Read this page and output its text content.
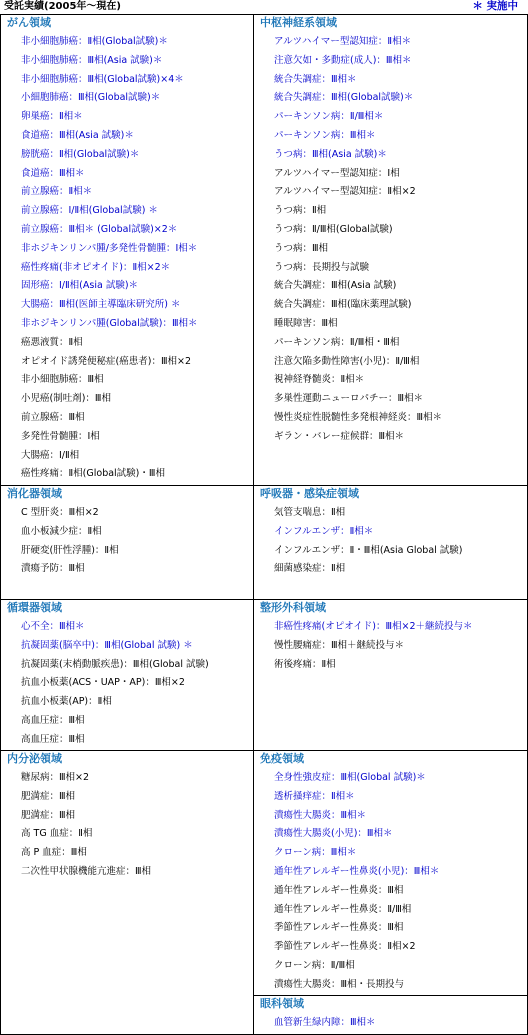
受託実績(2005年～現在)	＊ 実施中
がん領域
非小細胞肺癌：Ⅱ相(Global試験)＊
非小細胞肺癌：Ⅲ相(Asia 試験)＊
非小細胞肺癌：Ⅲ相(Global試験)×4＊
小細胞肺癌：Ⅲ相(Global試験)＊
卵巣癌：Ⅱ相＊
食道癌：Ⅲ相(Asia 試験)＊
膀胱癌：Ⅱ相(Global試験)＊
食道癌：Ⅲ相＊
前立腺癌：Ⅱ相＊
前立腺癌：Ⅰ/Ⅱ相(Global試験) ＊
前立腺癌：Ⅲ相＊ (Global試験)×2＊
非ホジキンリンパ腫/多発性骨髄腫：Ⅰ相＊
癌性疼痛(非オピオイド)：Ⅱ相×2＊
固形癌：Ⅰ/Ⅱ相(Asia 試験)＊
大腸癌：Ⅲ相(医師主導臨床研究所) ＊
非ホジキンリンパ腫(Global試験)：Ⅲ相＊
癌悪液質：Ⅱ相
オピオイド誘発便秘症(癌患者)：Ⅲ相×2
非小細胞肺癌：Ⅲ相
小児癌(制吐剤)：Ⅲ相
前立腺癌：Ⅲ相
多発性骨髄腫：Ⅰ相
大腸癌：Ⅰ/Ⅱ相
癌性疼痛：Ⅱ相(Global試験)・Ⅲ相
中枢神経系領域
アルツハイマー型認知症：Ⅱ相＊
注意欠如・多動症(成人)：Ⅲ相＊
統合失調症：Ⅲ相＊
統合失調症：Ⅲ相(Global試験)＊
パーキンソン病：Ⅱ/Ⅲ相＊
パーキンソン病：Ⅲ相＊
うつ病：Ⅲ相(Asia 試験)＊
アルツハイマー型認知症：Ⅰ相
アルツハイマー型認知症：Ⅱ相×2
うつ病：Ⅱ相
うつ病：Ⅱ/Ⅲ相(Global試験)
うつ病：Ⅲ相
うつ病：長期投与試験
統合失調症：Ⅲ相(Asia 試験)
統合失調症：Ⅲ相(臨床薬理試験)
睡眠障害：Ⅲ相
パーキンソン病：Ⅱ/Ⅲ相・Ⅲ相
注意欠陥多動性障害(小児)：Ⅱ/Ⅲ相
視神経脊髄炎：Ⅱ相＊
多巣性運動ニューロパチー：Ⅲ相＊
慢性炎症性脱髄性多発根神経炎：Ⅲ相＊
ギラン・バレー症候群：Ⅲ相＊
消化器領域
C 型肝炎：Ⅲ相×2
血小板減少症：Ⅱ相
肝硬変(肝性浮腫)：Ⅱ相
潰瘍予防：Ⅲ相
呼吸器・感染症領域
気管支喘息：Ⅱ相
インフルエンザ：Ⅱ相＊
インフルエンザ：Ⅱ・Ⅲ相(Asia Global 試験)
細菌感染症：Ⅱ相
循環器領域
心不全：Ⅲ相＊
抗凝固薬(脳卒中)：Ⅲ相(Global 試験) ＊
抗凝固薬(末梢動脈疾患)：Ⅲ相(Global 試験)
抗血小板薬(ACS・UAP・AP)：Ⅲ相×2
抗血小板薬(AP)：Ⅱ相
高血圧症：Ⅲ相
高血圧症：Ⅲ相
整形外科領域
非癌性疼痛(オピオイド)：Ⅲ相×2＋継続投与＊
慢性腰痛症：Ⅲ相＋継続投与＊
術後疼痛：Ⅱ相
内分泌領域
糖尿病：Ⅲ相×2
肥満症：Ⅲ相
肥満症：Ⅲ相
高 TG 血症：Ⅱ相
高 P 血症：Ⅲ相
二次性甲状腺機能亢進症：Ⅲ相
免疫領域
全身性強皮症：Ⅲ相(Global 試験)＊
透析掻痒症：Ⅱ相＊
潰瘍性大腸炎：Ⅲ相＊
潰瘍性大腸炎(小児)：Ⅲ相＊
クローン病：Ⅲ相＊
通年性アレルギー性鼻炎(小児)：Ⅲ相＊
通年性アレルギー性鼻炎：Ⅲ相
通年性アレルギー性鼻炎：Ⅱ/Ⅲ相
季節性アレルギー性鼻炎：Ⅲ相
季節性アレルギー性鼻炎：Ⅱ相×2
クローン病：Ⅱ/Ⅲ相
潰瘍性大腸炎：Ⅲ相・長期投与
眼科領域
血管新生緑内障：Ⅲ相＊
